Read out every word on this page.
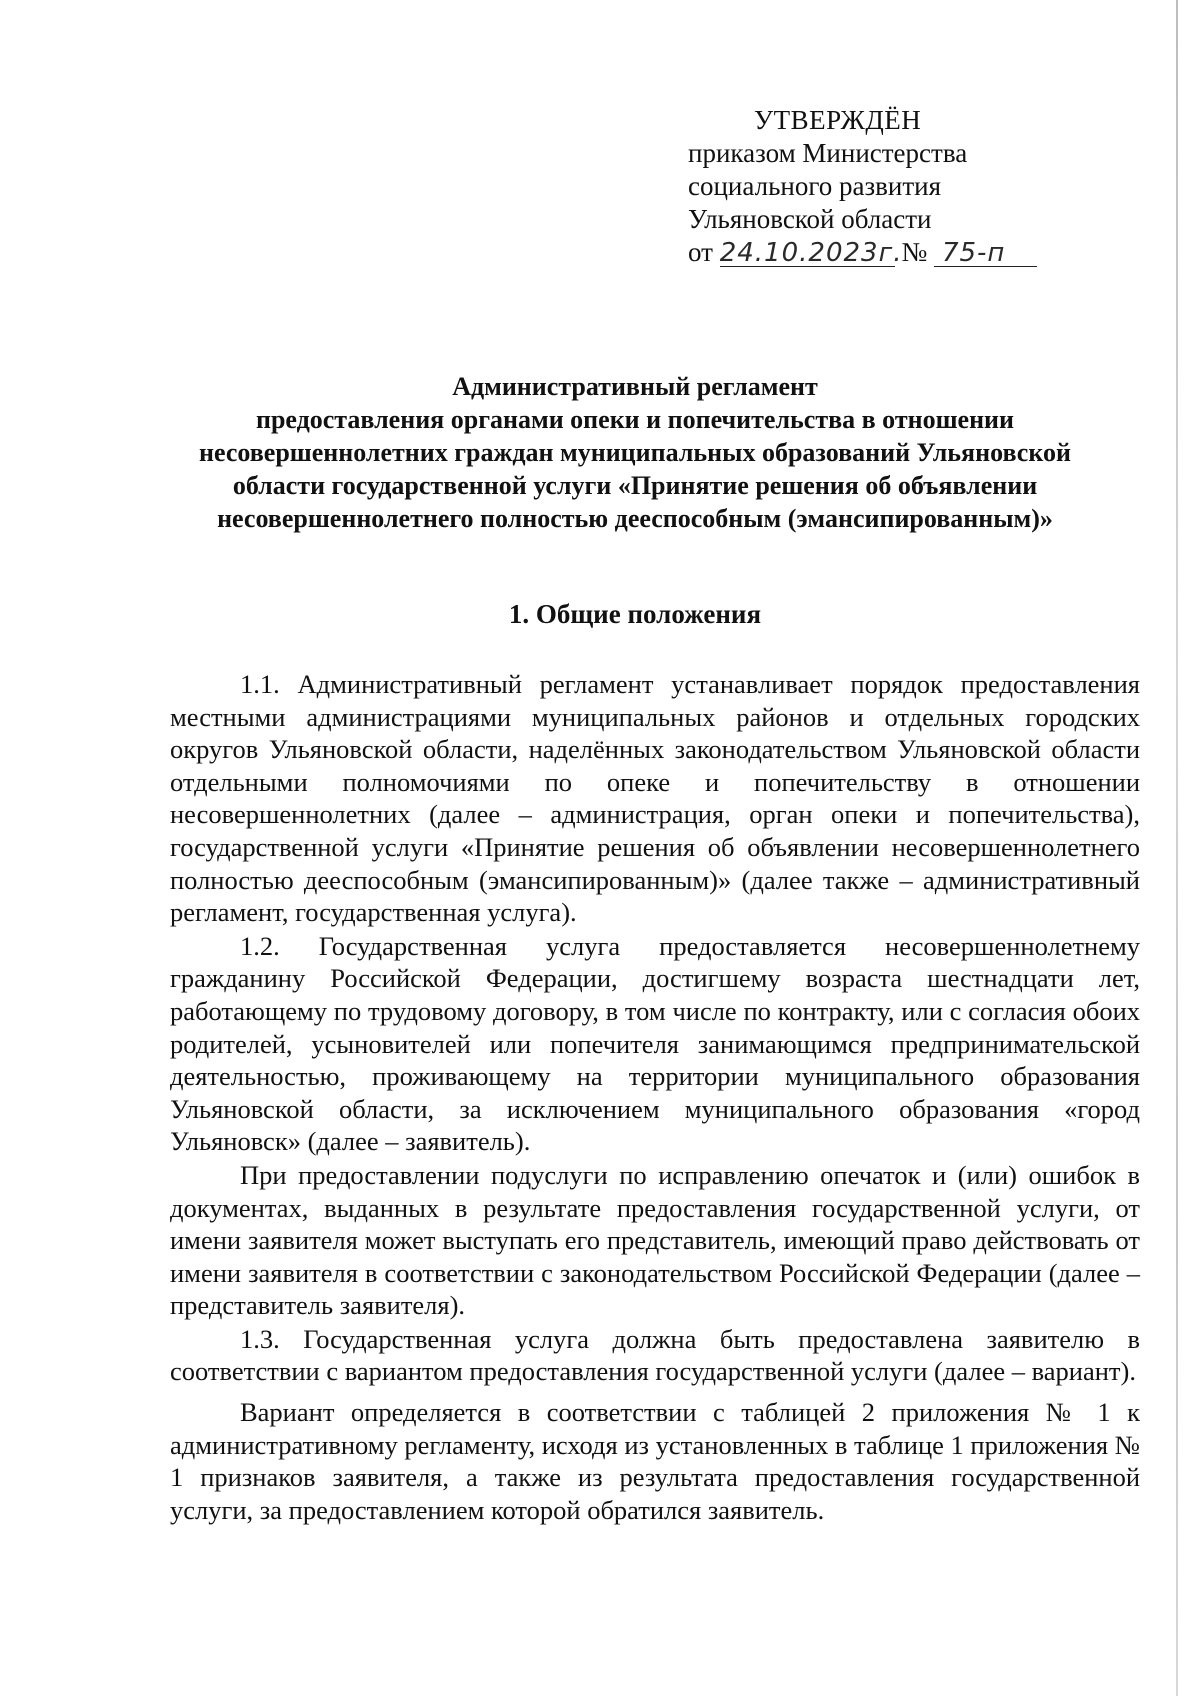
УТВЕРЖДЁН
приказом Министерства
социального развития
Ульяновской области
от 24.10.2023г. № 75-п
Административный регламент
предоставления органами опеки и попечительства в отношении
несовершеннолетних граждан муниципальных образований Ульяновской
области государственной услуги «Принятие решения об объявлении
несовершеннолетнего полностью дееспособным (эмансипированным)»
1. Общие положения

1.1. Административный регламент устанавливает порядок предоставления местными администрациями муниципальных районов и отдельных городских округов Ульяновской области, наделённых законодательством Ульяновской области отдельными полномочиями по опеке и попечительству в отношении несовершеннолетних (далее – администрация, орган опеки и попечительства), государственной услуги «Принятие решения об объявлении несовершеннолетнего полностью дееспособным (эмансипированным)» (далее также – административный регламент, государственная услуга).

1.2. Государственная услуга предоставляется несовершеннолетнему гражданину Российской Федерации, достигшему возраста шестнадцати лет, работающему по трудовому договору, в том числе по контракту, или с согласия обоих родителей, усыновителей или попечителя занимающимся предпринимательской деятельностью, проживающему на территории муниципального образования Ульяновской области, за исключением муниципального образования «город Ульяновск» (далее – заявитель).

При предоставлении подуслуги по исправлению опечаток и (или) ошибок в документах, выданных в результате предоставления государственной услуги, от имени заявителя может выступать его представитель, имеющий право действовать от имени заявителя в соответствии с законодательством Российской Федерации (далее – представитель заявителя).

1.3. Государственная услуга должна быть предоставлена заявителю в соответствии с вариантом предоставления государственной услуги (далее – вариант).

Вариант определяется в соответствии с таблицей 2 приложения № 1 к административному регламенту, исходя из установленных в таблице 1 приложения № 1 признаков заявителя, а также из результата предоставления государственной услуги, за предоставлением которой обратился заявитель.
